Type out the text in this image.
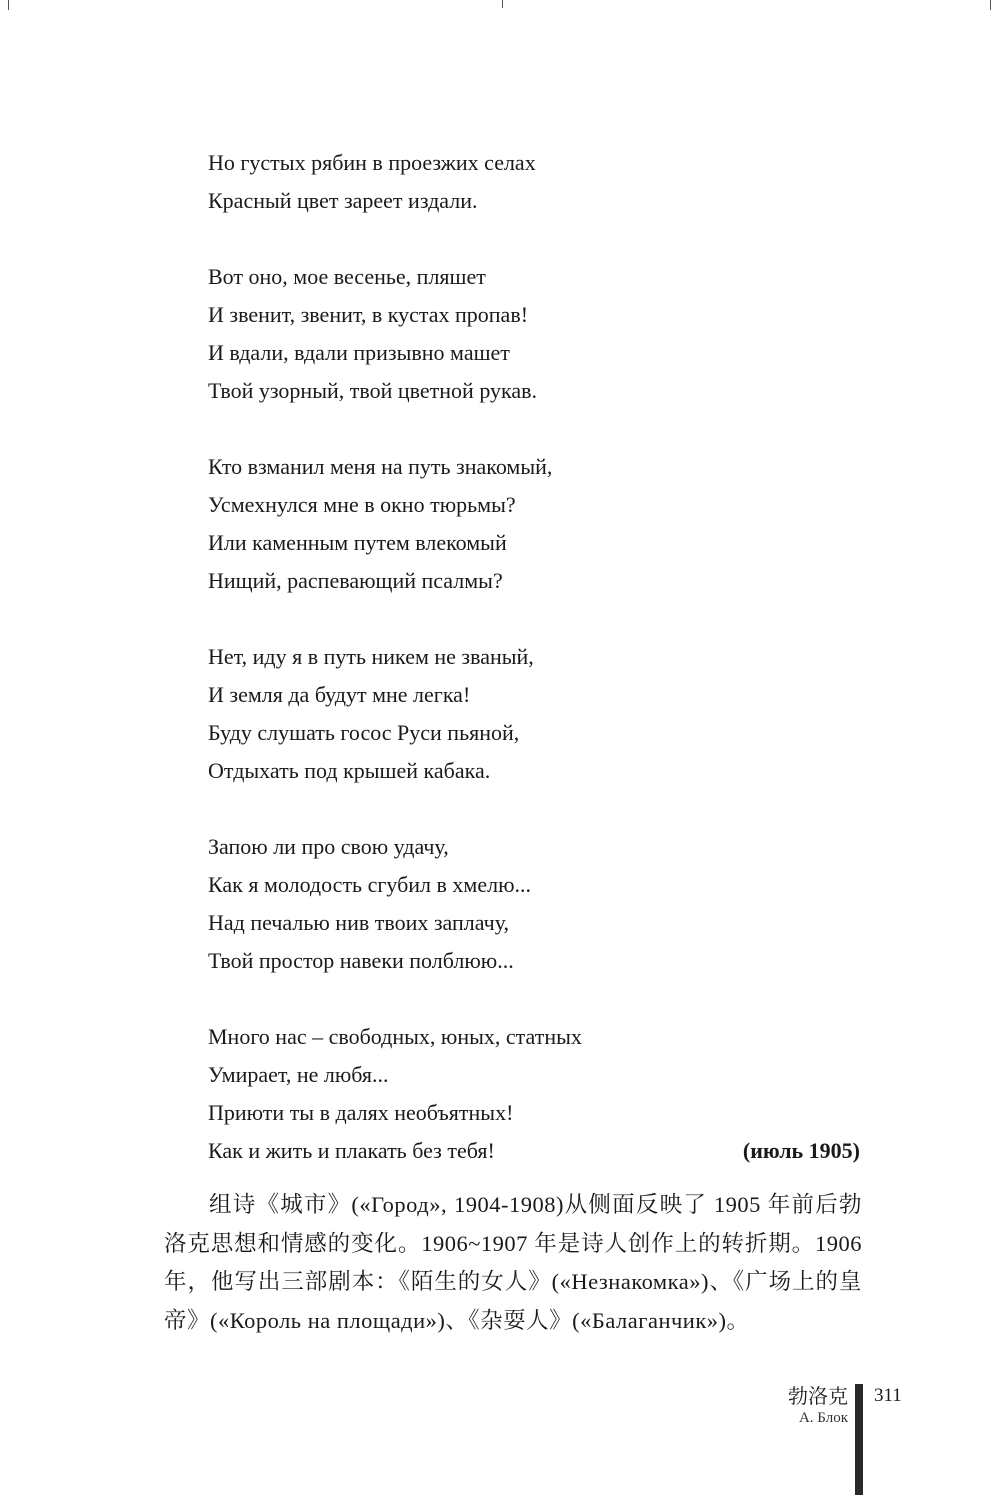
Но густых рябин в проезжих селах
Красный цвет зареет издали.
Вот оно, мое весенье, пляшет
И звенит, звенит, в кустах пропав!
И вдали, вдали призывно машет
Твой узорный, твой цветной рукав.
Кто взманил меня на путь знакомый,
Усмехнулся мне в окно тюрьмы?
Или каменным путем влекомый
Нищий, распевающий псалмы?
Нет, иду я в путь никем не званый,
И земля да будут мне легка!
Буду слушать госос Руси пьяной,
Отдыхать под крышей кабака.
Запою ли про свою удачу,
Как я молодость сгубил в хмелю...
Над печалью нив твоих заплачу,
Твой простор навеки полблюю...
Много нас – свободных, юных, статных
Умирает, не любя...
Приюти ты в далях необъятных!
Как и жить и плакать без тебя!	(июль 1905)

组诗《城市》(«Город», 1904-1908)从侧面反映了 1905 年前后勃洛克思想和情感的变化。1906~1907 年是诗人创作上的转折期。1906 年，他写出三部剧本：《陌生的女人》(«Незнакомка»)、《广场上的皇帝》(«Король на площади»)、《杂耍人》(«Балаганчик»)。

勃洛克
А. Блок
311
